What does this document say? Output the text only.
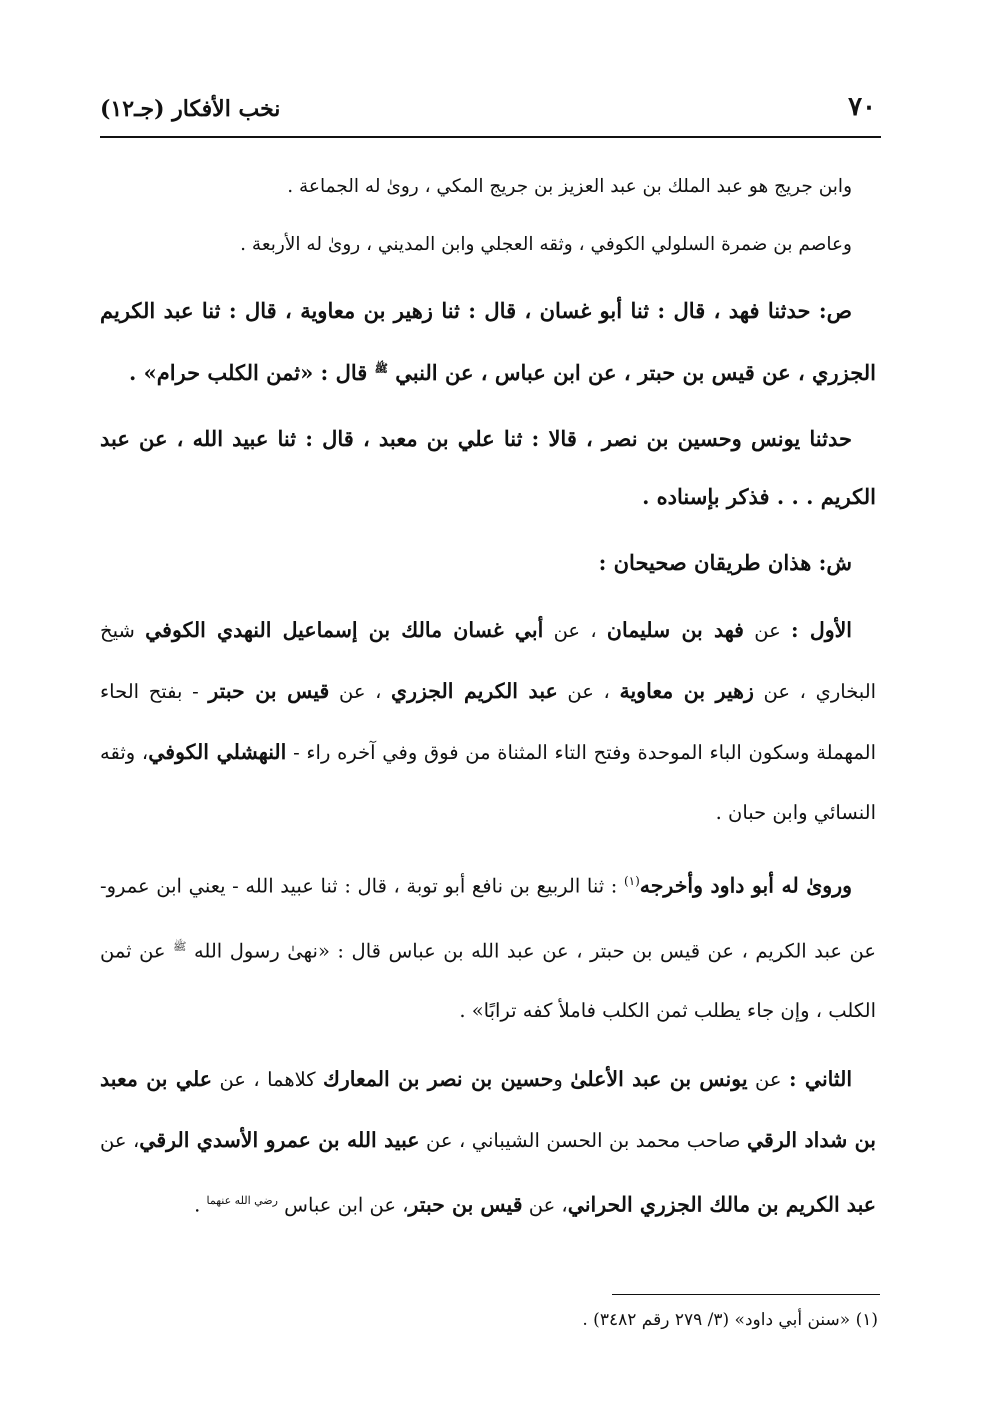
٧٠
نخب الأفكار (جـ١٢)

وابن جريج هو عبد الملك بن عبد العزيز بن جريج المكي ، روىٰ له الجماعة .

وعاصم بن ضمرة السلولي الكوفي ، وثقه العجلي وابن المديني ، روىٰ له الأربعة .

ص: حدثنا فهد ، قال : ثنا أبو غسان ، قال : ثنا زهير بن معاوية ، قال : ثنا عبد الكريم الجزري ، عن قيس بن حبتر ، عن ابن عباس ، عن النبي $^ﷺ$ قال : «ثمن الكلب حرام» .

حدثنا يونس وحسين بن نصر ، قالا : ثنا علي بن معبد ، قال : ثنا عبيد الله ، عن عبد الكريم . . . فذكر بإسناده .

ش: هذان طريقان صحيحان :

الأول : عن فهد بن سليمان ، عن أبي غسان مالك بن إسماعيل النهدي الكوفي شيخ البخاري ، عن زهير بن معاوية ، عن عبد الكريم الجزري ، عن قيس بن حبتر - بفتح الحاء المهملة وسكون الباء الموحدة وفتح التاء المثناة من فوق وفي آخره راء - النهشلي الكوفي، وثقه النسائي وابن حبان .

وروىٰ له أبو داود وأخرجه$^{(١)}$ : ثنا الربيع بن نافع أبو توبة ، قال : ثنا عبيد الله - يعني ابن عمرو- عن عبد الكريم ، عن قيس بن حبتر ، عن عبد الله بن عباس قال : «نهىٰ رسول الله $^ﷺ$ عن ثمن الكلب ، وإن جاء يطلب ثمن الكلب فاملأ كفه ترابًا» .

الثاني : عن يونس بن عبد الأعلىٰ وحسين بن نصر بن المعارك كلاهما ، عن علي بن معبد بن شداد الرقي صاحب محمد بن الحسن الشيباني ، عن عبيد الله بن عمرو الأسدي الرقي، عن عبد الكريم بن مالك الجزري الحراني، عن قيس بن حبتر، عن ابن عباس $^{رضي الله عنهما}$ .

(١) «سنن أبي داود» (٣/ ٢٧٩ رقم ٣٤٨٢) .
